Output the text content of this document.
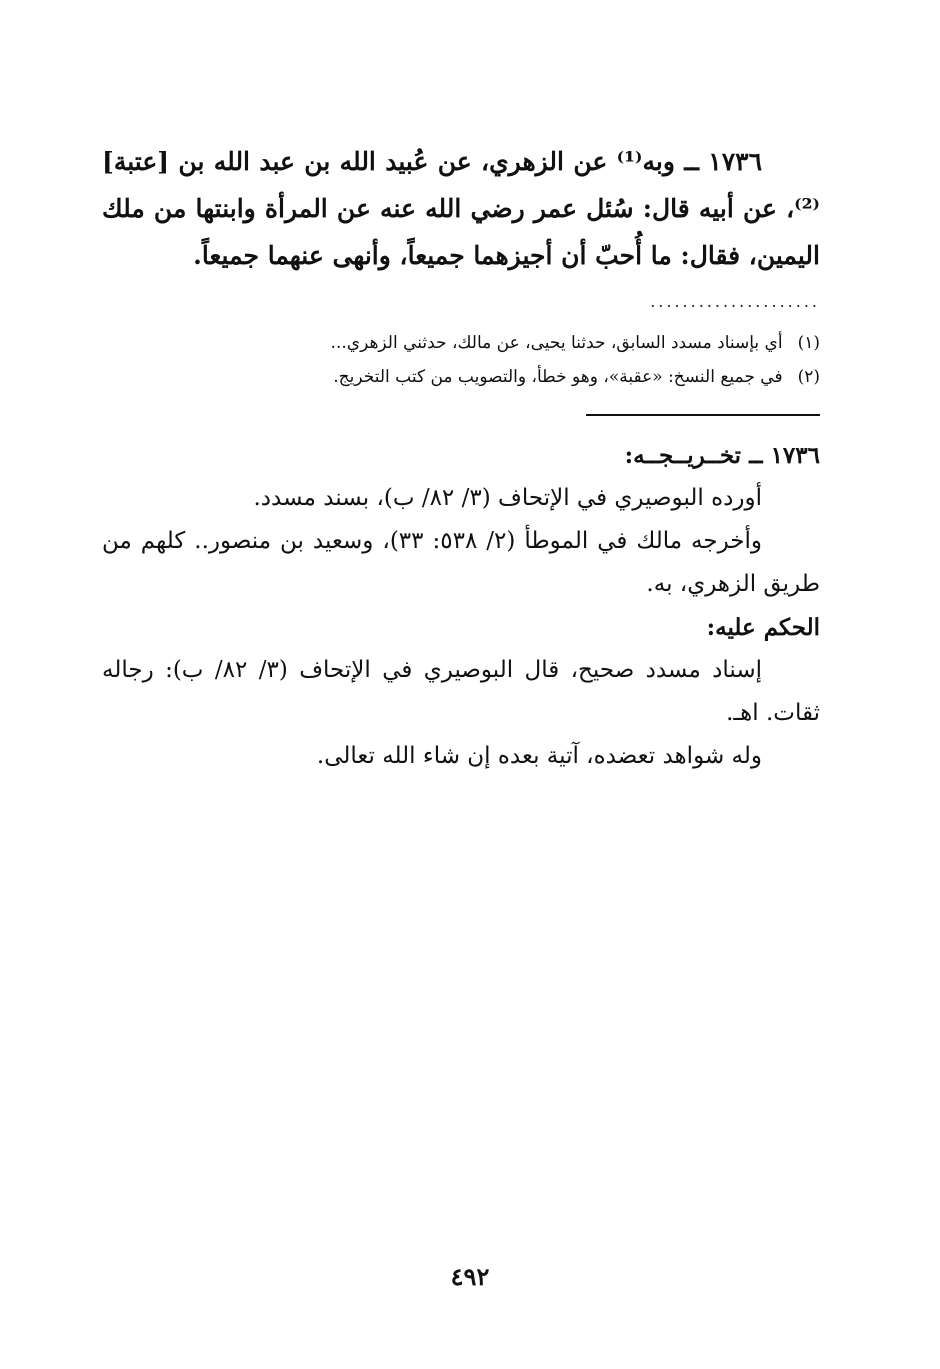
١٧٣٦ ــ وبه⁽¹⁾ عن الزهري، عن عُبيد الله بن عبد الله بن [عتبة]⁽²⁾، عن أبيه قال: سُئل عمر رضي الله عنه عن المرأة وابنتها من ملك اليمين، فقال: ما أُحبّ أن أجيزهما جميعاً، وأنهى عنهما جميعاً.

.....................

(١) أي بإسناد مسدد السابق، حدثنا يحيى، عن مالك، حدثني الزهري...

(٢) في جميع النسخ: «عقبة»، وهو خطأ، والتصويب من كتب التخريج.

١٧٣٦ ــ تخــريــجــه:

أورده البوصيري في الإتحاف (٣/ ٨٢/ ب)، بسند مسدد.

وأخرجه مالك في الموطأ (٢/ ٥٣٨: ٣٣)، وسعيد بن منصور.. كلهم من طريق الزهري، به.

الحكم عليه:

إسناد مسدد صحيح، قال البوصيري في الإتحاف (٣/ ٨٢/ ب): رجاله ثقات. اهـ.

وله شواهد تعضده، آتية بعده إن شاء الله تعالى.

٤٩٢
